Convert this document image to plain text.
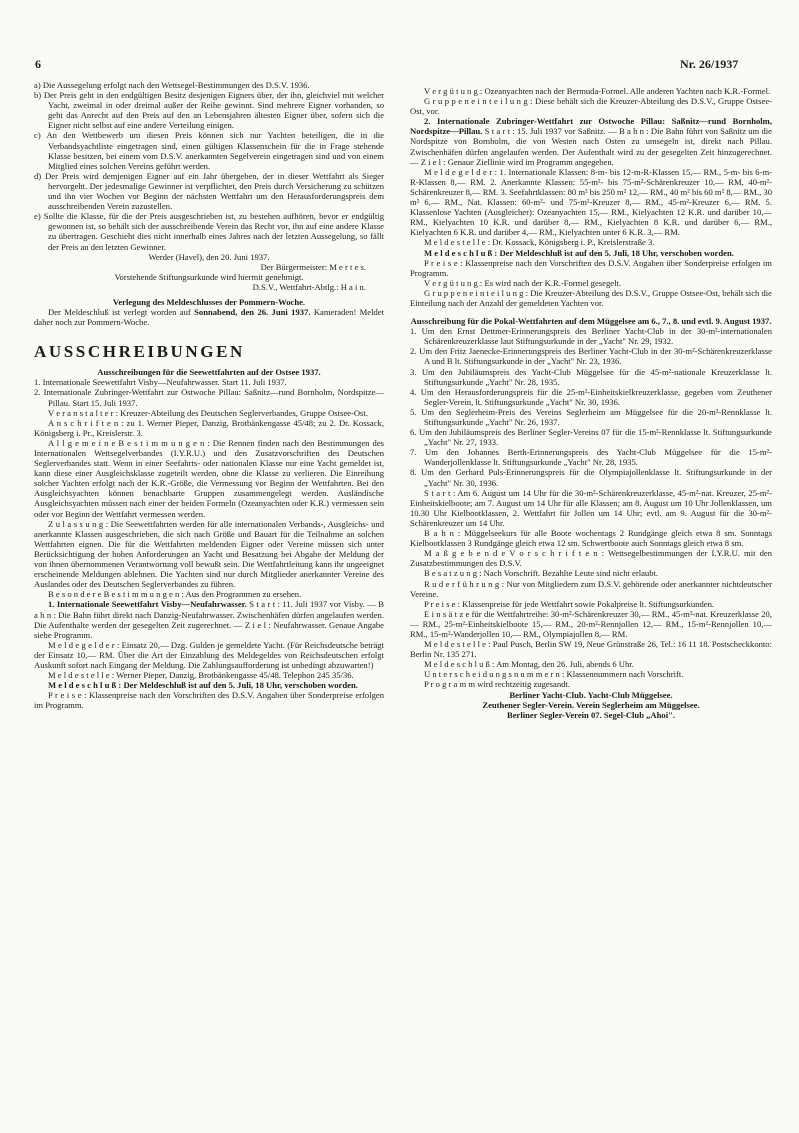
6	Nr. 26/1937

a) Die Aussegelung erfolgt nach den Wettsegel-Bestimmungen des D.S.V. 1936.

b) Der Preis geht in den endgültigen Besitz desjenigen Eigners über, der ihn, gleichviel mit welcher Yacht, zweimal in oder dreimal außer der Reihe gewinnt. Sind mehrere Eigner vorhanden, so geht das Anrecht auf den Preis auf den an Lebensjahren ältesten Eigner über, sofern sich die Eigner nicht selbst auf eine andere Verteilung einigen.

c) An den Wettbewerb um diesen Preis können sich nur Yachten beteiligen, die in die Verbandsyachtliste eingetragen sind, einen gültigen Klassenschein für die in Frage stehende Klasse besitzen, bei einem vom D.S.V. anerkannten Segelverein eingetragen sind und von einem Mitglied eines solchen Vereins geführt werden.

d) Der Preis wird demjenigen Eigner auf ein Jahr übergeben, der in dieser Wettfahrt als Sieger hervorgeht. Der jedesmalige Gewinner ist verpflichtet, den Preis durch Versicherung zu schützen und ihn vier Wochen vor Beginn der nächsten Wettfahrt um den Herausforderungspreis dem ausschreibenden Verein zuzustellen.

e) Sollte die Klasse, für die der Preis ausgeschrieben ist, zu bestehen aufhören, bevor er endgültig gewonnen ist, so behält sich der ausschreibende Verein das Recht vor, ihn auf eine andere Klasse zu übertragen. Geschieht dies nicht innerhalb eines Jahres nach der letzten Aussegelung, so fällt der Preis an den letzten Gewinner.

Werder (Havel), den 20. Juni 1937.

Der Bürgermeister: M e r t e s.

Vorstehende Stiftungsurkunde wird hiermit genehmigt.

D.S.V., Wettfahrt-Abtlg.: H a i n.

Verlegung des Meldeschlusses der Pommern-Woche.

Der Meldeschluß ist verlegt worden auf Sonnabend, den 26. Juni 1937. Kameraden! Meldet daher noch zur Pommern-Woche.

AUSSCHREIBUNGEN

Ausschreibungen für die Seewettfahrten auf der Ostsee 1937.

1. Internationale Seewettfahrt Visby—Neufahrwasser. Start 11. Juli 1937.

2. Internationale Zubringer-Wettfahrt zur Ostwoche Pillau: Saßnitz—rund Bornholm, Nordspitze—Pillau. Start 15. Juli 1937.

V e r a n s t a l t e r : Kreuzer-Abteilung des Deutschen Seglerverbandes, Gruppe Ostsee-Ost.

A n s c h r i f t e n : zu 1. Werner Pieper, Danzig, Brotbänkengasse 45/48; zu 2. Dr. Kossack, Königsberg i. Pr., Kreislerstr. 3.

A l l g e m e i n e B e s t i m m u n g e n : Die Rennen finden nach den Bestimmungen des Internationalen Wettsegelverbandes (I.Y.R.U.) und den Zusatzvorschriften des Deutschen Seglerverbandes statt. Wenn in einer Seefahrts- oder nationalen Klasse nur eine Yacht gemeldet ist, kann diese einer Ausgleichsklasse zugeteilt werden, ohne die Klasse zu verlieren. Die Einreihung solcher Yachten erfolgt nach der K.R.-Größe, die Vermessung vor Beginn der Wettfahrten. Bei den Ausgleichsyachten können benachbarte Gruppen zusammengelegt werden. Ausländische Ausgleichsyachten müssen nach einer der beiden Formeln (Ozeanyachten oder K.R.) vermessen sein oder vor Beginn der Wettfahrt vermessen werden.

Z u l a s s u n g : Die Seewettfahrten werden für alle internationalen Verbands-, Ausgleichs- und anerkannte Klassen ausgeschrieben, die sich nach Größe und Bauart für die Teilnahme an solchen Wettfahrten eignen. Die für die Wettfahrten meldenden Eigner oder Vereine müssen sich unter Berücksichtigung der hohen Anforderungen an Yacht und Besatzung bei Abgabe der Meldung der von ihnen übernommenen Verantwortung voll bewußt sein. Die Wettfahrtleitung kann ihr ungeeignet erscheinende Meldungen ablehnen. Die Yachten sind nur durch Mitglieder anerkannter Vereine des Auslandes oder des Deutschen Seglerverbandes zu führen.

B e s o n d e r e B e s t i m m u n g e n : Aus den Programmen zu ersehen.

1. Internationale Seewettfahrt Visby—Neufahrwasser. S t a r t : 11. Juli 1937 vor Visby. — B a h n : Die Bahn führt direkt nach Danzig-Neufahrwasser. Zwischenhäfen dürfen angelaufen werden. Die Aufenthalte werden der gesegelten Zeit zugerechnet. — Z i e l : Neufahrwasser. Genaue Angabe siehe Programm.

M e l d e g e l d e r : Einsatz 20,— Dzg. Gulden je gemeldete Yacht. (Für Reichsdeutsche beträgt der Einsatz 10,— RM. Über die Art der Einzahlung des Meldegeldes von Reichsdeutschen erfolgt Auskunft sofort nach Eingang der Meldung. Die Zahlungsaufforderung ist unbedingt abzuwarten!)

M e l d e s t e l l e : Werner Pieper, Danzig, Brotbänkengasse 45/48. Telephon 245 35/36.

M e l d e s c h l u ß : Der Meldeschluß ist auf den 5. Juli, 18 Uhr, verschoben worden.

P r e i s e : Klassenpreise nach den Vorschriften des D.S.V. Angaben über Sonderpreise erfolgen im Programm.

V e r g ü t u n g : Ozeanyachten nach der Bermuda-Formel. Alle anderen Yachten nach K.R.-Formel.

G r u p p e n e i n t e i l u n g : Diese behält sich die Kreuzer-Abteilung des D.S.V., Gruppe Ostsee-Ost, vor.

2. Internationale Zubringer-Wettfahrt zur Ostwoche Pillau: Saßnitz—rund Bornholm, Nordspitze—Pillau. S t a r t : 15. Juli 1937 vor Saßnitz. — B a h n : Die Bahn führt von Saßnitz um die Nordspitze von Bornholm, die von Westen nach Osten zu umsegeln ist, direkt nach Pillau. Zwischenhäfen dürfen angelaufen werden. Der Aufenthalt wird zu der gesegelten Zeit hinzugerechnet. — Z i e l : Genaue Ziellinie wird im Programm angegeben.

M e l d e g e l d e r : 1. Internationale Klassen: 8-m- bis 12-m-R-Klassen 15,— RM., 5-m- bis 6-m-R-Klassen 8,— RM. 2. Anerkannte Klassen: 55-m²- bis 75-m²-Schärenkreuzer 10,— RM, 40-m²-Schärenkreuzer 8,— RM. 3. Seefahrtklassen: 80 m² bis 250 m² 12,— RM., 40 m² bis 60 m² 8,— RM., 30 m² 6,— RM., Nat. Klassen: 60-m²- und 75-m²-Kreuzer 8,— RM., 45-m²-Kreuzer 6,— RM. 5. Klassenlose Yachten (Ausgleicher): Ozeanyachten 15,— RM., Kielyachten 12 K.R. und darüber 10,— RM., Kielyachten 10 K.R. und darüber 8,— RM., Kielyachten 8 K.R. und darüber 6,— RM., Kielyachten 6 K.R. und darüber 4,— RM., Kielyachten unter 6 K.R. 3,— RM.

M e l d e s t e l l e : Dr. Kossack, Königsberg i. P., Kreislerstraße 3.

M e l d e s c h l u ß : Der Meldeschluß ist auf den 5. Juli, 18 Uhr, verschoben worden.

P r e i s e : Klassenpreise nach den Vorschriften des D.S.V. Angaben über Sonderpreise erfolgen im Programm.

V e r g ü t u n g : Es wird nach der K.R.-Formel gesegelt.

G r u p p e n e i n t e i l u n g : Die Kreuzer-Abteilung des D.S.V., Gruppe Ostsee-Ost, behält sich die Einteilung nach der Anzahl der gemeldeten Yachten vor.

Ausschreibung für die Pokal-Wettfahrten auf dem Müggelsee am 6., 7., 8. und evtl. 9. August 1937.

1. Um den Ernst Dettmer-Erinnerungspreis des Berliner Yacht-Club in der 30-m²-internationalen Schärenkreuzerklasse laut Stiftungsurkunde in der „Yacht" Nr. 29, 1932.

2. Um den Fritz Jaenecke-Erinnerungspreis des Berliner Yacht-Club in der 30-m²-Schärenkreuzerklasse A und B lt. Stiftungsurkunde in der „Yacht" Nr. 23, 1936.

3. Um den Jubiläumspreis des Yacht-Club Müggelsee für die 45-m²-nationale Kreuzerklasse lt. Stiftungsurkunde „Yacht" Nr. 28, 1935.

4. Um den Herausforderungspreis für die 25-m²-Einheitskielkreuzerklasse, gegeben vom Zeuthener Segler-Verein, lt. Stiftungsurkunde „Yacht" Nr. 30, 1936.

5. Um den Seglerheim-Preis des Vereins Seglerheim am Müggelsee für die 20-m²-Rennklasse lt. Stiftungsurkunde „Yacht" Nr. 26, 1937.

6. Um den Jubiläumspreis des Berliner Segler-Vereins 07 für die 15-m²-Rennklasse lt. Stiftungsurkunde „Yacht" Nr. 27, 1933.

7. Um den Johannes Berth-Erinnerungspreis des Yacht-Club Müggelsee für die 15-m²-Wanderjollenklasse lt. Stiftungsurkunde „Yacht" Nr. 28, 1935.

8. Um den Gerhard Puls-Erinnerungspreis für die Olympiajollenklasse lt. Stiftungsurkunde in der „Yacht" Nr. 30, 1936.

S t a r t : Am 6. August um 14 Uhr für die 30-m²-Schärenkreuzerklasse, 45-m²-nat. Kreuzer, 25-m²-Einheitskielboote; am 7. August um 14 Uhr für alle Klassen; am 8. August um 10 Uhr Jollenklassen, um 10.30 Uhr Kielbootklassen, 2. Wettfahrt für Jollen um 14 Uhr; evtl. am 9. August für die 30-m²-Schärenkreuzer um 14 Uhr.

B a h n : Müggelseekurs für alle Boote wochentags 2 Rundgänge gleich etwa 8 sm. Sonntags Kielbootklassen 3 Rundgänge gleich etwa 12 sm. Schwertboote auch Sonntags gleich etwa 8 sm.

M a ß g e b e n d e V o r s c h r i f t e n : Wettsegelbestimmungen der I.Y.R.U. mit den Zusatzbestimmungen des D.S.V.

B e s a t z u n g : Nach Vorschrift. Bezahlte Leute sind nicht erlaubt.

R u d e r f ü h r u n g : Nur von Mitgliedern zum D.S.V. gehörende oder anerkannter nichtdeutscher Vereine.

P r e i s e : Klassenpreise für jede Wettfahrt sowie Pokalpreise lt. Stiftungsurkunden.

E i n s ä t z e für die Wettfahrtreihe: 30-m²-Schärenkreuzer 30,— RM., 45-m²-nat. Kreuzerklasse 20,— RM., 25-m²-Einheitskielboote 15,— RM., 20-m²-Rennjollen 12,— RM., 15-m²-Rennjollen 10,— RM., 15-m²-Wanderjollen 10,— RM., Olympiajollen 8,— RM.

M e l d e s t e l l e : Paul Pusch, Berlin SW 19, Neue Grünstraße 26, Tel.: 16 11 18. Postscheckkonto: Berlin Nr. 135 271.

M e l d e s c h l u ß : Am Montag, den 26. Juli, abends 6 Uhr.

U n t e r s c h e i d u n g s n u m m e r n : Klassennummern nach Vorschrift.

P r o g r a m m wird rechtzeitig zugesandt.

Berliner Yacht-Club. Yacht-Club Müggelsee.

Zeuthener Segler-Verein. Verein Seglerheim am Müggelsee.

Berliner Segler-Verein 07. Segel-Club „Ahoi".
